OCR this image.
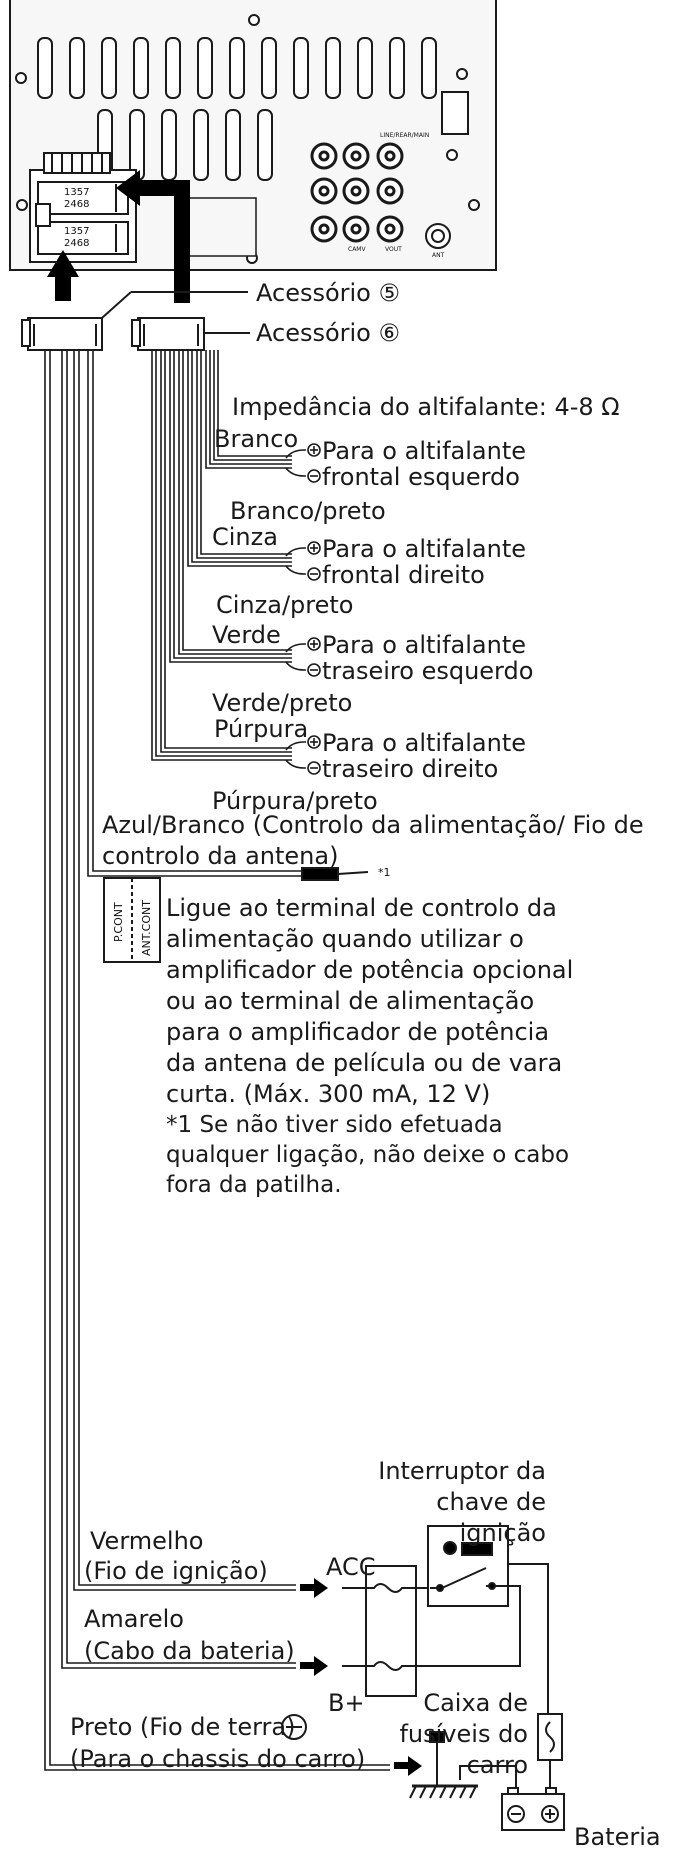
1357
2468
1357
2468
LINE/REAR/MAIN
CAMV	VOUT
ANT
Acessório ⑤
Acessório ⑥
Impedância do altifalante: 4-8 Ω
Branco Para o altifalante
frontal esquerdo
Branco/preto
Cinza Para o altifalante
frontal direito
Cinza/preto
Verde Para o altifalante
traseiro esquerdo
Verde/preto
Púrpura Para o altifalante
traseiro direito
Púrpura/preto
Azul/Branco (Controlo da alimentação/ Fio de controlo da antena)
*1
P.CONT ANT.CONT Ligue ao terminal de controlo da alimentação quando utilizar o amplificador de potência opcional ou ao terminal de alimentação para o amplificador de potência da antena de película ou de vara curta. (Máx. 300 mA, 12 V)
*1 Se não tiver sido efetuada qualquer ligação, não deixe o cabo fora da patilha.
Interruptor da chave de ignição
Vermelho
(Fio de ignição) ACC
Amarelo
(Cabo da bateria)
B+	Caixa de fusíveis do carro
Preto (Fio de terra)
(Para o chassis do carro)
Bateria
